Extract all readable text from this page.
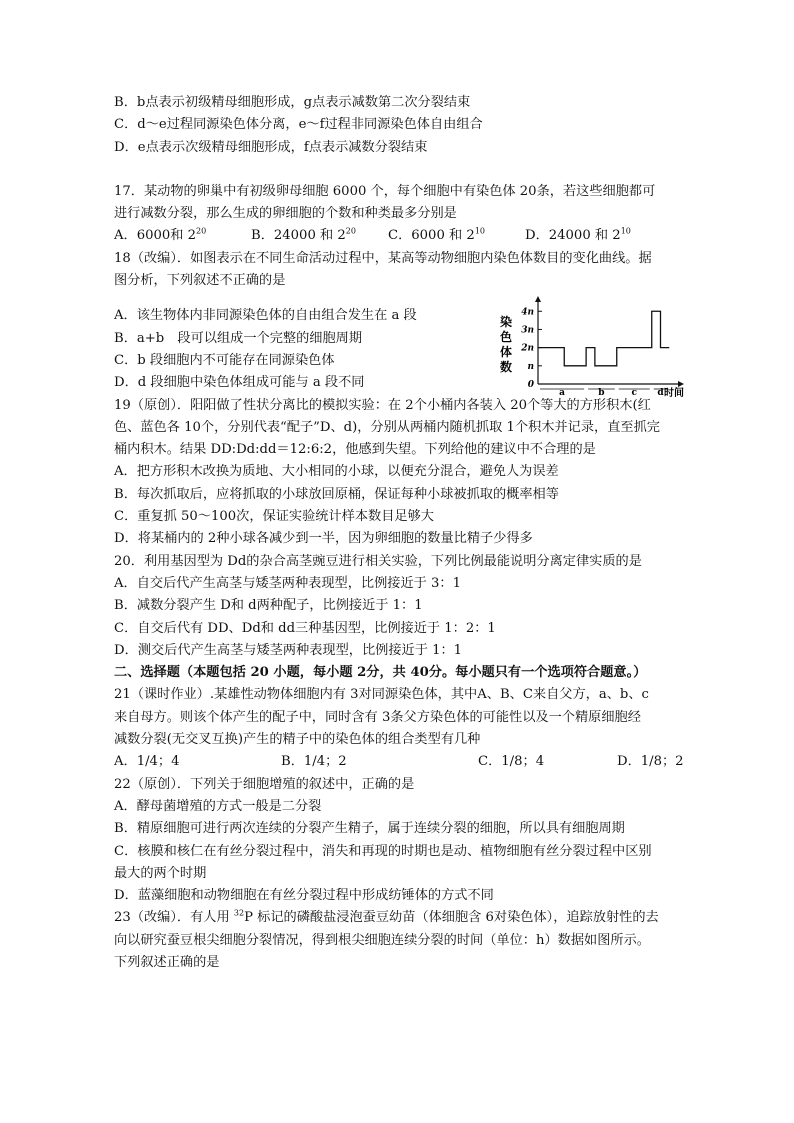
B．b点表示初级精母细胞形成，g点表示减数第二次分裂结束
C．d～e过程同源染色体分离，e～f过程非同源染色体自由组合
D．e点表示次级精母细胞形成，f点表示减数分裂结束
17．某动物的卵巢中有初级卵母细胞 6000 个，每个细胞中有染色体 20条，若这些细胞都可
进行减数分裂，那么生成的卵细胞的个数和种类最多分别是
A．6000和 $2^{20}$	B．24000 和 $2^{20}$	C．6000 和 $2^{10}$	D．24000 和 $2^{10}$
18（改编）．如图表示在不同生命活动过程中，某高等动物细胞内染色体数目的变化曲线。据
图分析，下列叙述不正确的是
A．该生物体内非同源染色体的自由组合发生在 a 段
B．a+b　段可以组成一个完整的细胞周期
C．b 段细胞内不可能存在同源染色体
D．d 段细胞中染色体组成可能与 a 段不同
19（原创）．阳阳做了性状分离比的模拟实验：在 2个小桶内各装入 20个等大的方形积木(红
色、蓝色各 10个，分别代表“配子”D、d)，分别从两桶内随机抓取 1个积木并记录，直至抓完
桶内积木。结果 DD:Dd:dd＝12:6:2，他感到失望。下列给他的建议中不合理的是
A．把方形积木改换为质地、大小相同的小球，以便充分混合，避免人为误差
B．每次抓取后，应将抓取的小球放回原桶，保证每种小球被抓取的概率相等
C．重复抓 50～100次，保证实验统计样本数目足够大
D．将某桶内的 2种小球各减少到一半，因为卵细胞的数量比精子少得多
20．利用基因型为 Dd的杂合高茎豌豆进行相关实验，下列比例最能说明分离定律实质的是
A．自交后代产生高茎与矮茎两种表现型，比例接近于 3：1
B．减数分裂产生 D和 d两种配子，比例接近于 1：1
C．自交后代有 DD、Dd和 dd三种基因型，比例接近于 1：2：1
D．测交后代产生高茎与矮茎两种表现型，比例接近于 1：1
二、选择题（本题包括 20 小题，每小题 2分，共 40分。每小题只有一个选项符合题意。）
21（课时作业）.某雄性动物体细胞内有 3对同源染色体，其中A、B、C来自父方，a、b、c
来自母方。则该个体产生的配子中，同时含有 3条父方染色体的可能性以及一个精原细胞经
减数分裂(无交叉互换)产生的精子中的染色体的组合类型有几种
A．1/4；4	B．1/4；2	C．1/8；4	D．1/8；2
22（原创）．下列关于细胞增殖的叙述中，正确的是
A．酵母菌增殖的方式一般是二分裂
B．精原细胞可进行两次连续的分裂产生精子，属于连续分裂的细胞，所以具有细胞周期
C．核膜和核仁在有丝分裂过程中，消失和再现的时期也是动、植物细胞有丝分裂过程中区别
最大的两个时期
D．蓝藻细胞和动物细胞在有丝分裂过程中形成纺锤体的方式不同
23（改编）．有人用 $^{32}$P 标记的磷酸盐浸泡蚕豆幼苗（体细胞含 6对染色体），追踪放射性的去
向以研究蚕豆根尖细胞分裂情况，得到根尖细胞连续分裂的时间（单位：h）数据如图所示。
下列叙述正确的是
4n
3n
2n
n
0
染
色
体
数
a	b	c d 时间
